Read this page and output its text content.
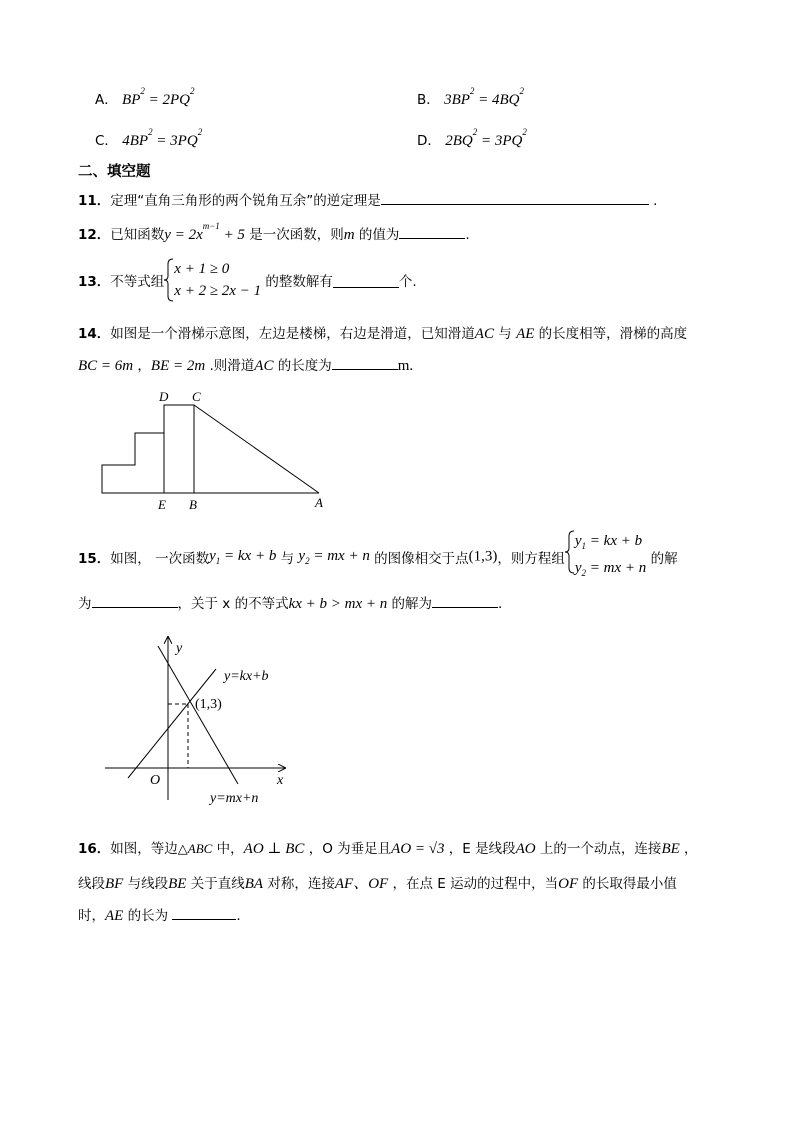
A． $BP^2 = 2PQ^2$
B． $3BP^2 = 4BQ^2$
C． $4BP^2 = 3PQ^2$
D． $2BQ^2 = 3PQ^2$
二、填空题
11．定理“直角三角形的两个锐角互余”的逆定理是	.
12．已知函数$y = 2x^{m-1} + 5$ 是一次函数，则m 的值为	.
13．不等式组
x + 1 ≥ 0
x + 2 ≥ 2x − 1 的整数解有	个.
14．如图是一个滑梯示意图，左边是楼梯，右边是滑道，已知滑道AC 与 AE 的长度相等，滑梯的高度
BC = 6m ，BE = 2m .则滑道AC 的长度为	m.
D C
E B	A
15．如图， 一次函数$y_1$ = kx + b 与 $y_2$ = mx + n 的图像相交于点(1,3)，则方程组
$y_1$ = kx + b
$y_2$ = mx + n 的解
为	，关于 x 的不等式kx + b > mx + n 的解为	.
y
x
O
y=kx+b
y=mx+n
(1,3)
16．如图，等边△ABC 中，AO ⊥ BC ，O 为垂足且AO = √3 ，E 是线段AO 上的一个动点，连接BE ，
线段BF 与线段BE 关于直线BA 对称，连接AF、OF ，在点 E 运动的过程中，当OF 的长取得最小值
时，AE 的长为	.
